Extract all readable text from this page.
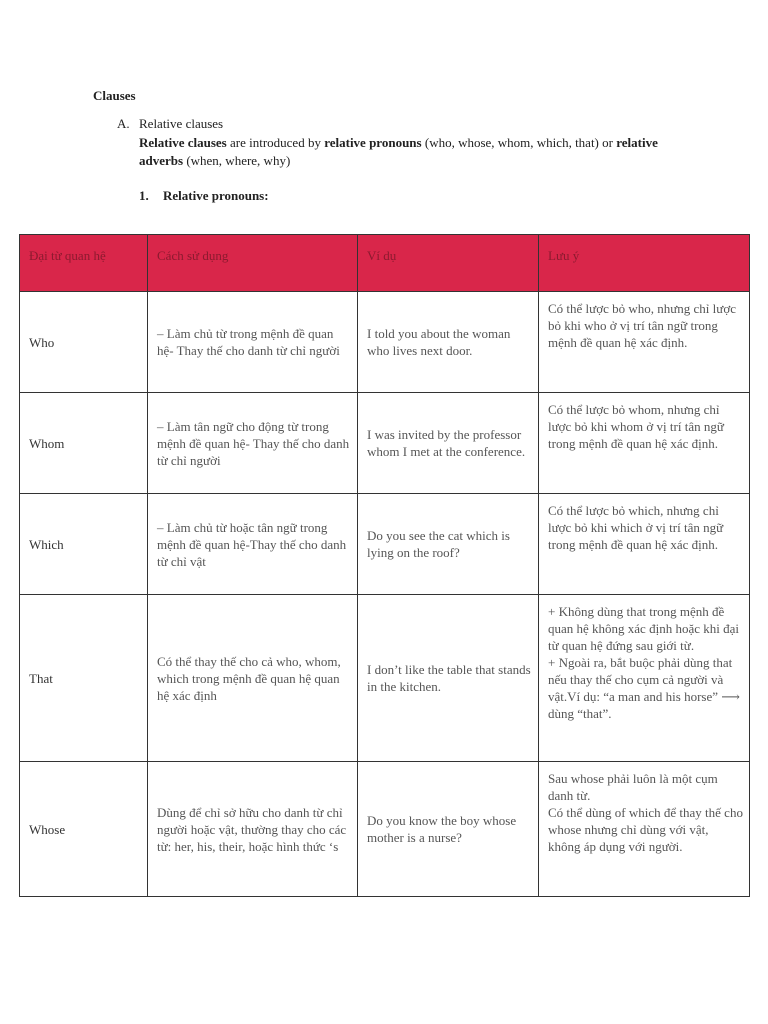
Clauses
A. Relative clauses
Relative clauses are introduced by relative pronouns (who, whose, whom, which, that) or relative adverbs (when, where, why)
1. Relative pronouns:
Đại từ quan hệ	Cách sử dụng	Ví dụ	Lưu ý
Who	– Làm chủ từ trong mệnh đề quan hệ- Thay thế cho danh từ chỉ người	I told you about the woman who lives next door.	Có thể lược bỏ who, nhưng chỉ lược bỏ khi who ở vị trí tân ngữ trong mệnh đề quan hệ xác định.
Whom	– Làm tân ngữ cho động từ trong mệnh đề quan hệ- Thay thế cho danh từ chỉ người	I was invited by the professor whom I met at the conference.	Có thể lược bỏ whom, nhưng chỉ lược bỏ khi whom ở vị trí tân ngữ trong mệnh đề quan hệ xác định.
Which	– Làm chủ từ hoặc tân ngữ trong mệnh đề quan hệ-Thay thế cho danh từ chỉ vật	Do you see the cat which is lying on the roof?	Có thể lược bỏ which, nhưng chỉ lược bỏ khi which ở vị trí tân ngữ trong mệnh đề quan hệ xác định.
That	Có thể thay thế cho cả who, whom, which trong mệnh đề quan hệ quan hệ xác định	I don’t like the table that stands in the kitchen.	+ Không dùng that trong mệnh đề quan hệ không xác định hoặc khi đại từ quan hệ đứng sau giới từ.
+ Ngoài ra, bắt buộc phải dùng that nếu thay thế cho cụm cả người và vật.Ví dụ: “a man and his horse” ⟶ dùng “that”.

Whose	Dùng để chỉ sở hữu cho danh từ chỉ người hoặc vật, thường thay cho các từ: her, his, their, hoặc hình thức ‘s	Do you know the boy whose mother is a nurse?	Sau whose phải luôn là một cụm danh từ.
Có thể dùng of which để thay thế cho whose nhưng chỉ dùng với vật, không áp dụng với người.
